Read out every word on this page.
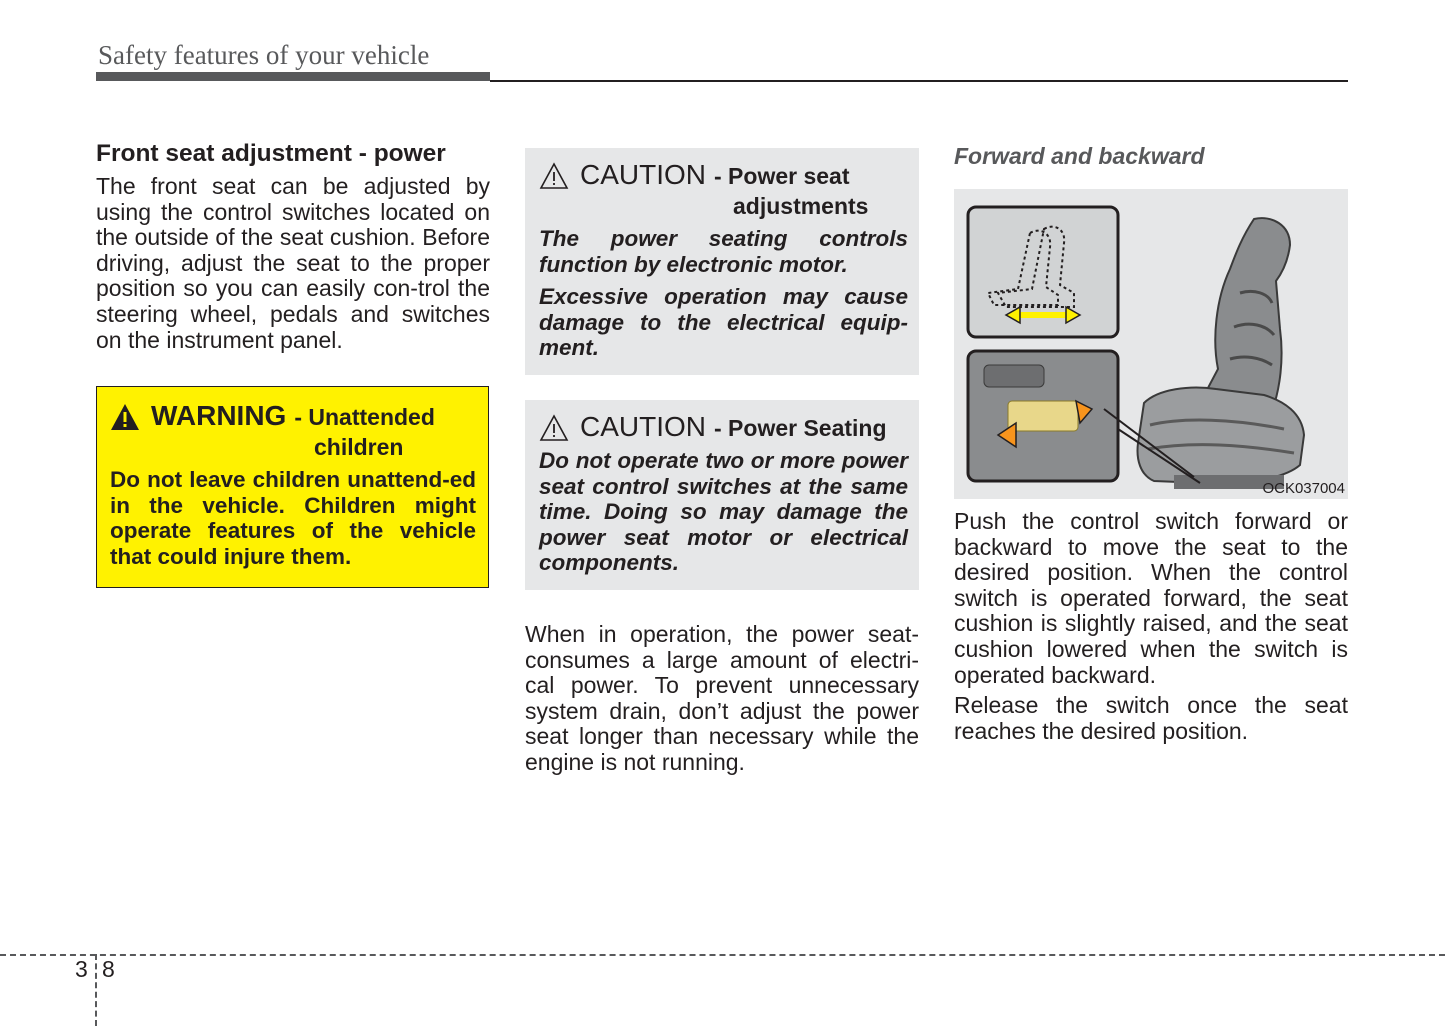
Safety features of your vehicle
Front seat adjustment - power

The front seat can be adjusted by using the control switches located on the outside of the seat cushion. Before driving, adjust the seat to the proper position so you can easily con-trol the steering wheel, pedals and switches on the instrument panel.

WARNING - Unattended
children

Do not leave children unattend-ed in the vehicle. Children might operate features of the vehicle that could injure them.

CAUTION - Power seat
adjustments

The power seating controls function by electronic motor.

Excessive operation may cause damage to the electrical equip-ment.

CAUTION - Power Seating

Do not operate two or more power seat control switches at the same time. Doing so may damage the power seat motor or electrical components.

When in operation, the power seat-consumes a large amount of electri-cal power. To prevent unnecessary system drain, don’t adjust the power seat longer than necessary while the engine is not running.

Forward and backward
OCK037004

Push the control switch forward or backward to move the seat to the desired position. When the control switch is operated forward, the seat cushion is slightly raised, and the seat cushion lowered when the switch is operated backward.

Release the switch once the seat reaches the desired position.

3 8
